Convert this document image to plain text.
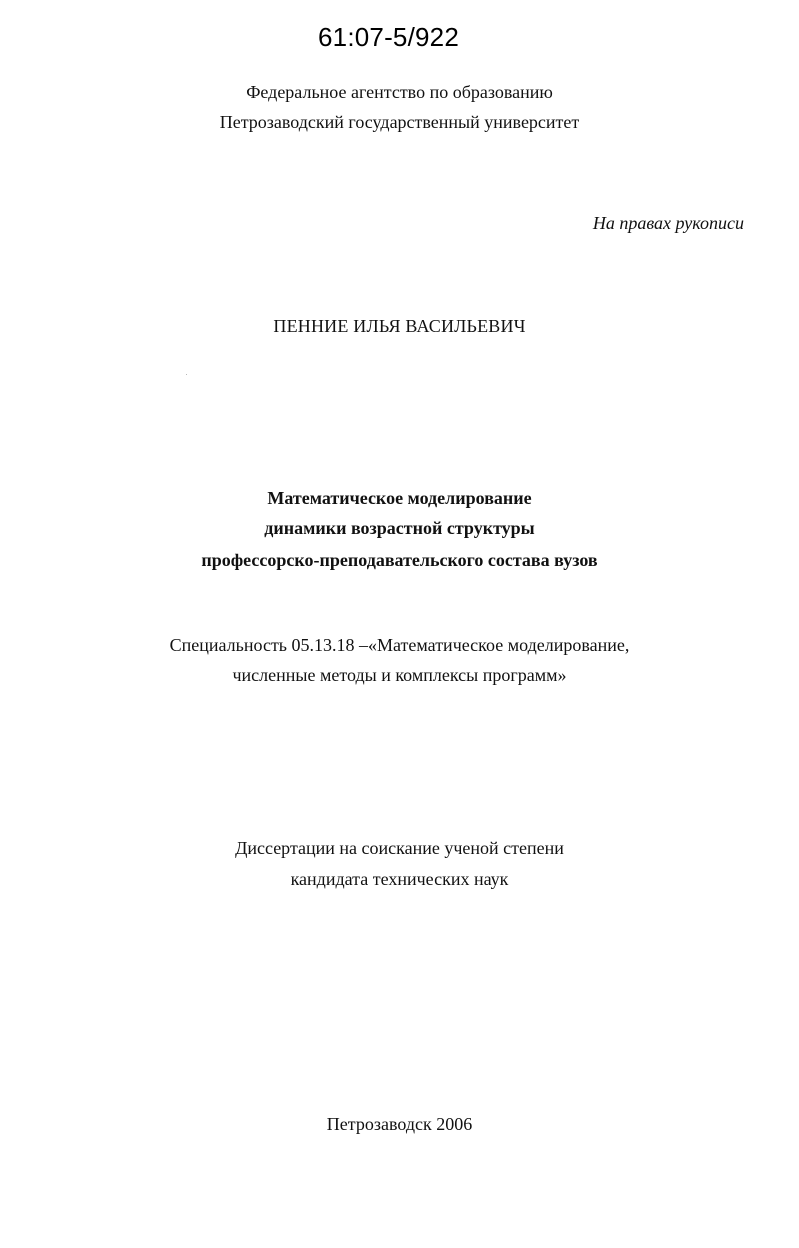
61:07-5/922
Федеральное агентство по образованию
Петрозаводский государственный университет
На правах рукописи
ПЕННИЕ ИЛЬЯ ВАСИЛЬЕВИЧ
Математическое моделирование
динамики возрастной структуры
профессорско-преподавательского состава вузов
Специальность 05.13.18 –«Математическое моделирование,
численные методы и комплексы программ»
Диссертации на соискание ученой степени
кандидата технических наук
Петрозаводск 2006
